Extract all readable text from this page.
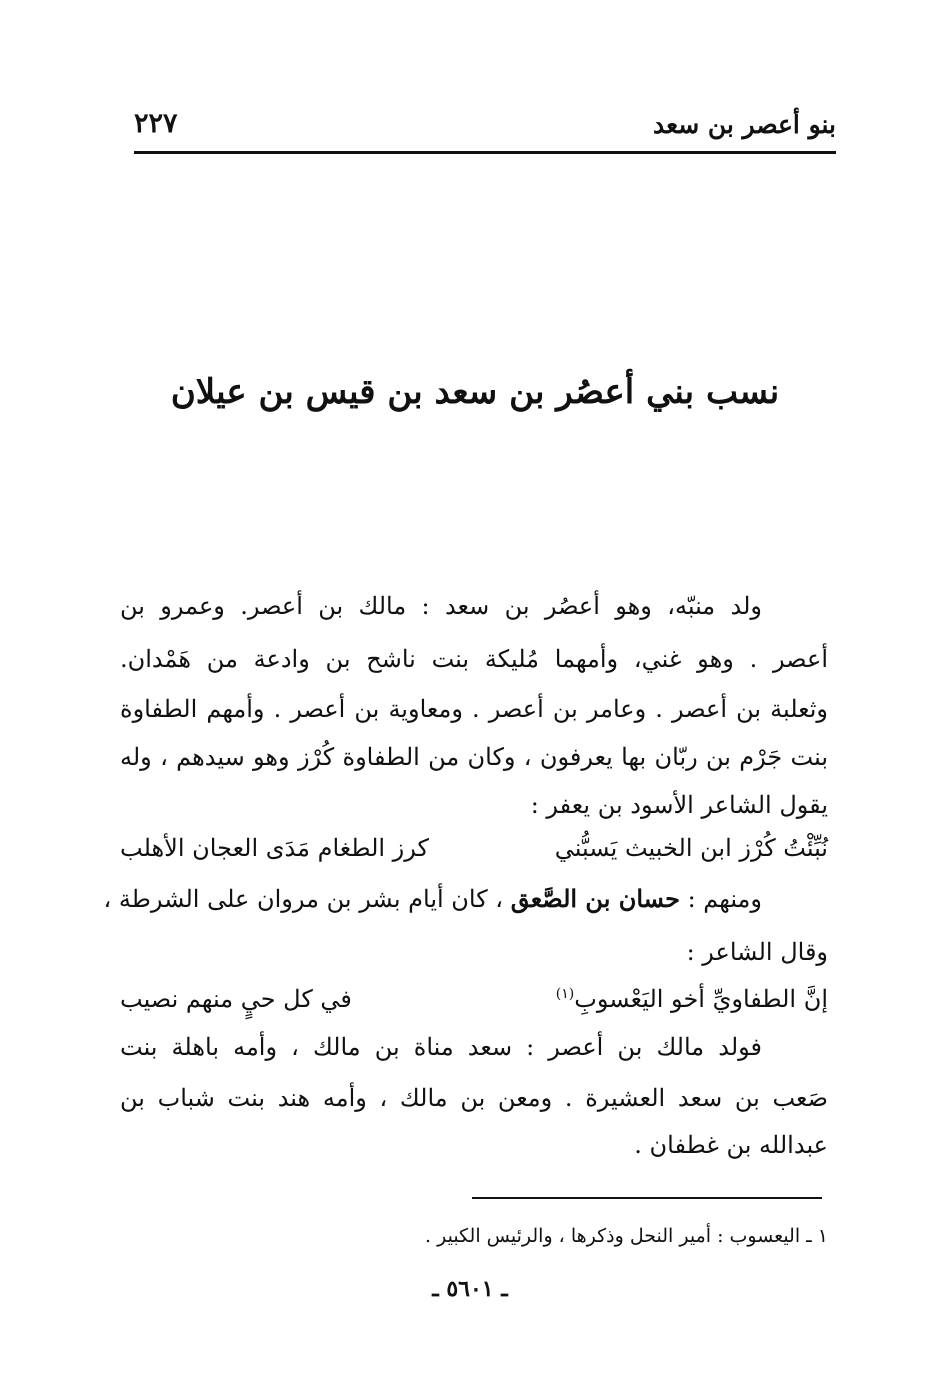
بنو أعصر بن سعد
٢٢٧
نسب بني أعصُر بن سعد بن قيس بن عيلان
ولد منبّه، وهو أعصُر بن سعد : مالك بن أعصر. وعمرو بن
أعصر . وهو غني، وأمهما مُليكة بنت ناشح بن وادعة من هَمْدان.
وثعلبة بن أعصر . وعامر بن أعصر . ومعاوية بن أعصر . وأمهم الطفاوة
بنت جَرْم بن ربّان بها يعرفون ، وكان من الطفاوة كُرْز وهو سيدهم ، وله
يقول الشاعر الأسود بن يعفر :
نُبِّئْتُ كُرْز ابن الخبيث يَسبُّني
كرز الطغام مَدَى العجان الأهلب
ومنهم : حسان بن الصَّعق ، كان أيام بشر بن مروان على الشرطة ،
وقال الشاعر :
إنَّ الطفاويِّ أخو اليَعْسوبِ$^{(١)}$
في كل حيٍ منهم نصيب
فولد مالك بن أعصر : سعد مناة بن مالك ، وأمه باهلة بنت
صَعب بن سعد العشيرة . ومعن بن مالك ، وأمه هند بنت شباب بن
عبدالله بن غطفان .
١ ـ اليعسوب : أمير النحل وذكرها ، والرئيس الكبير .
ـ ٥٦٠١ ـ
